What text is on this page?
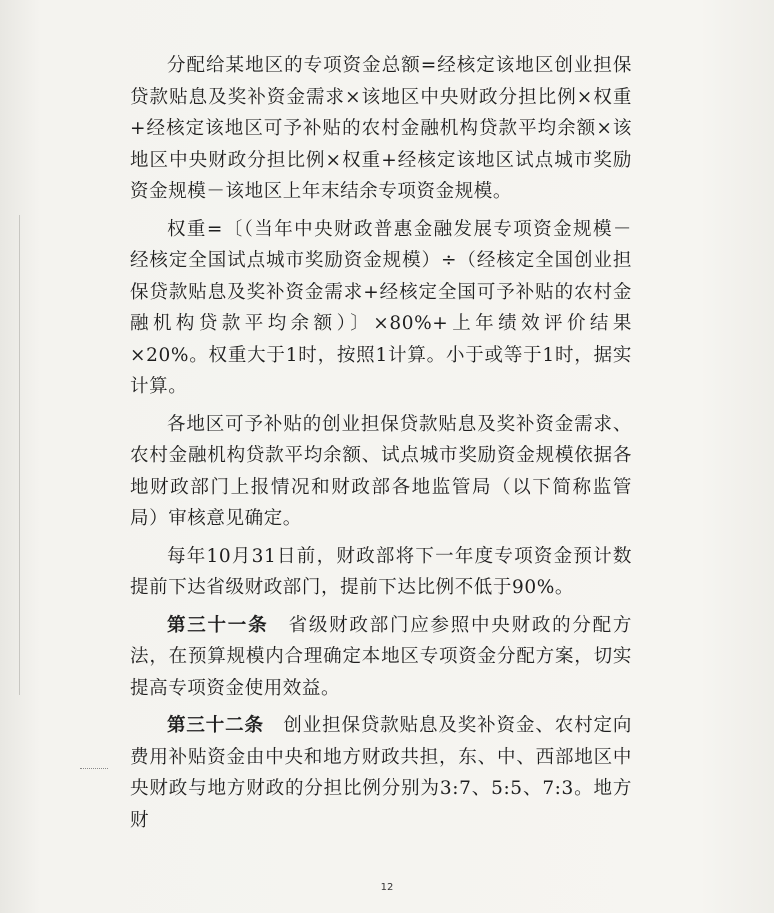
分配给某地区的专项资金总额=经核定该地区创业担保贷款贴息及奖补资金需求×该地区中央财政分担比例×权重+经核定该地区可予补贴的农村金融机构贷款平均余额×该地区中央财政分担比例×权重+经核定该地区试点城市奖励资金规模－该地区上年末结余专项资金规模。

权重=〔（当年中央财政普惠金融发展专项资金规模－经核定全国试点城市奖励资金规模）÷（经核定全国创业担保贷款贴息及奖补资金需求+经核定全国可予补贴的农村金融机构贷款平均余额）〕×80%+上年绩效评价结果×20%。权重大于1时，按照1计算。小于或等于1时，据实计算。

各地区可予补贴的创业担保贷款贴息及奖补资金需求、农村金融机构贷款平均余额、试点城市奖励资金规模依据各地财政部门上报情况和财政部各地监管局（以下简称监管局）审核意见确定。

每年10月31日前，财政部将下一年度专项资金预计数提前下达省级财政部门，提前下达比例不低于90%。

第三十一条 省级财政部门应参照中央财政的分配方法，在预算规模内合理确定本地区专项资金分配方案，切实提高专项资金使用效益。

第三十二条 创业担保贷款贴息及奖补资金、农村定向费用补贴资金由中央和地方财政共担，东、中、西部地区中央财政与地方财政的分担比例分别为3:7、5:5、7:3。地方财

12
